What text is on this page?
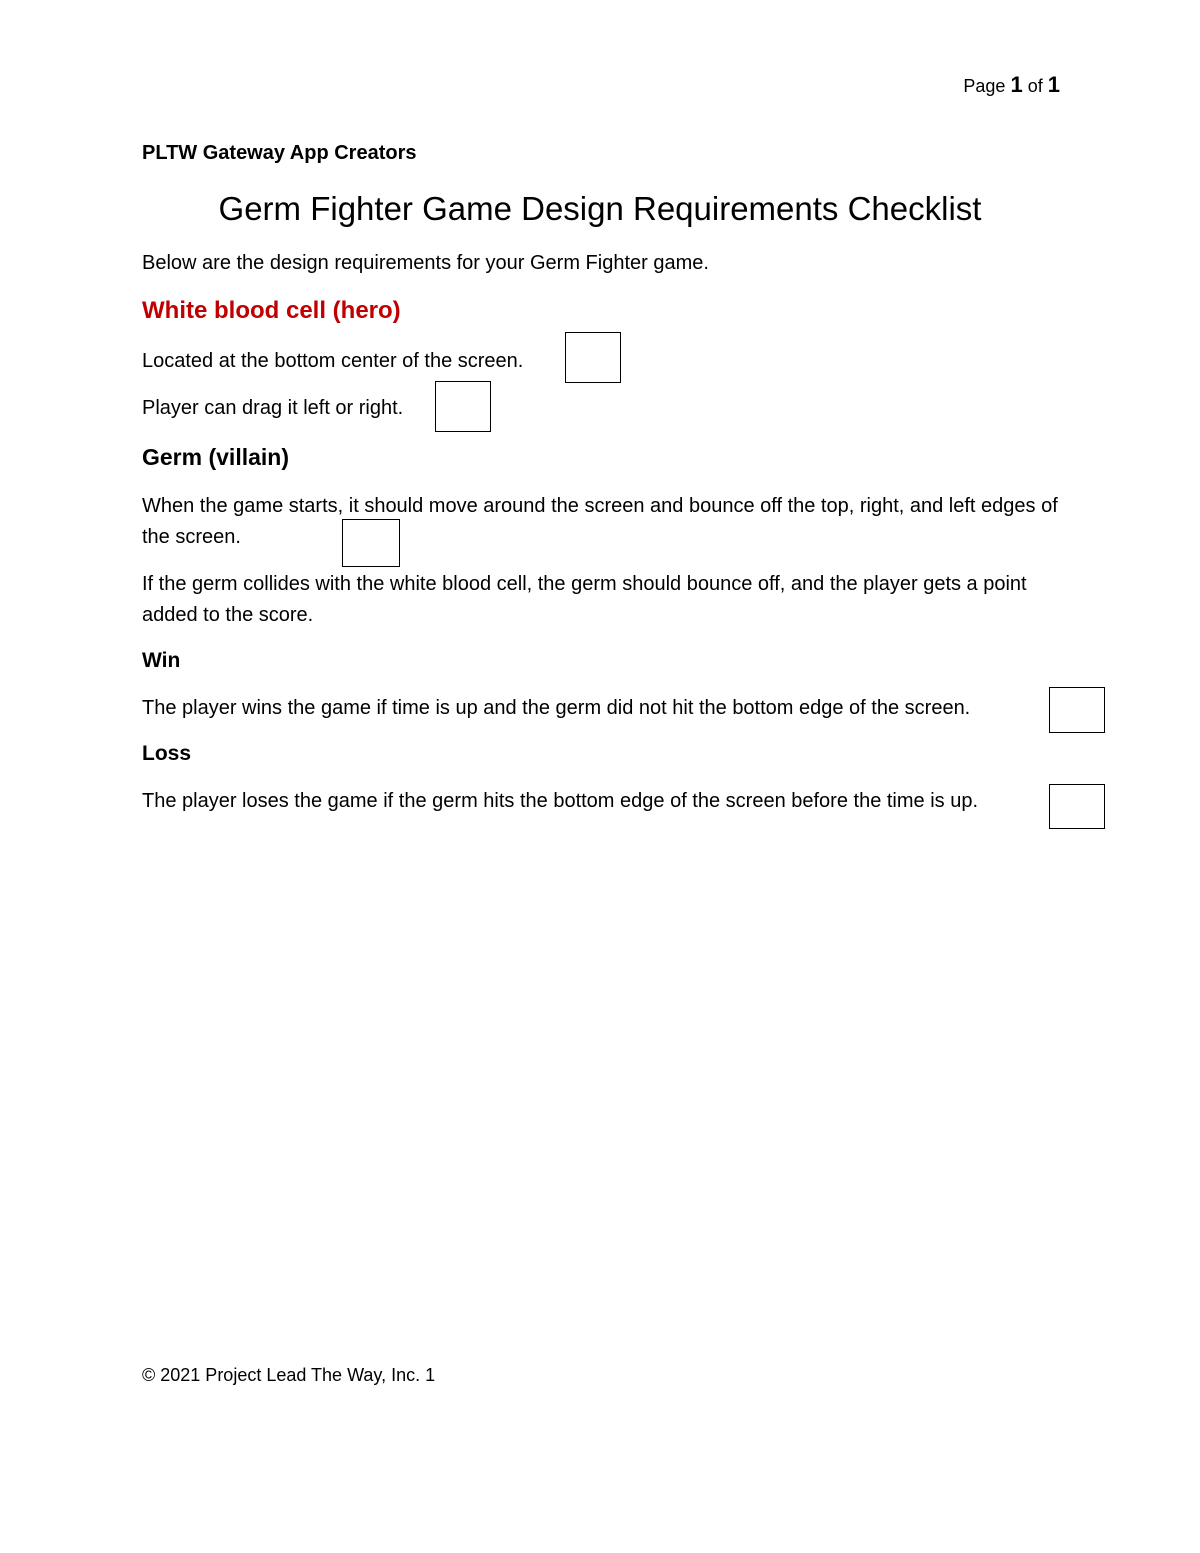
Page 1 of 1
PLTW Gateway App Creators
Germ Fighter Game Design Requirements Checklist
Below are the design requirements for your Germ Fighter game.
White blood cell (hero)
Located at the bottom center of the screen.
Player can drag it left or right.
Germ (villain)
When the game starts, it should move around the screen and bounce off the top, right, and left edges of the screen.
If the germ collides with the white blood cell, the germ should bounce off, and the player gets a point added to the score.
Win
The player wins the game if time is up and the germ did not hit the bottom edge of the screen.
Loss
The player loses the game if the germ hits the bottom edge of the screen before the time is up.
© 2021 Project Lead The Way, Inc. 1
